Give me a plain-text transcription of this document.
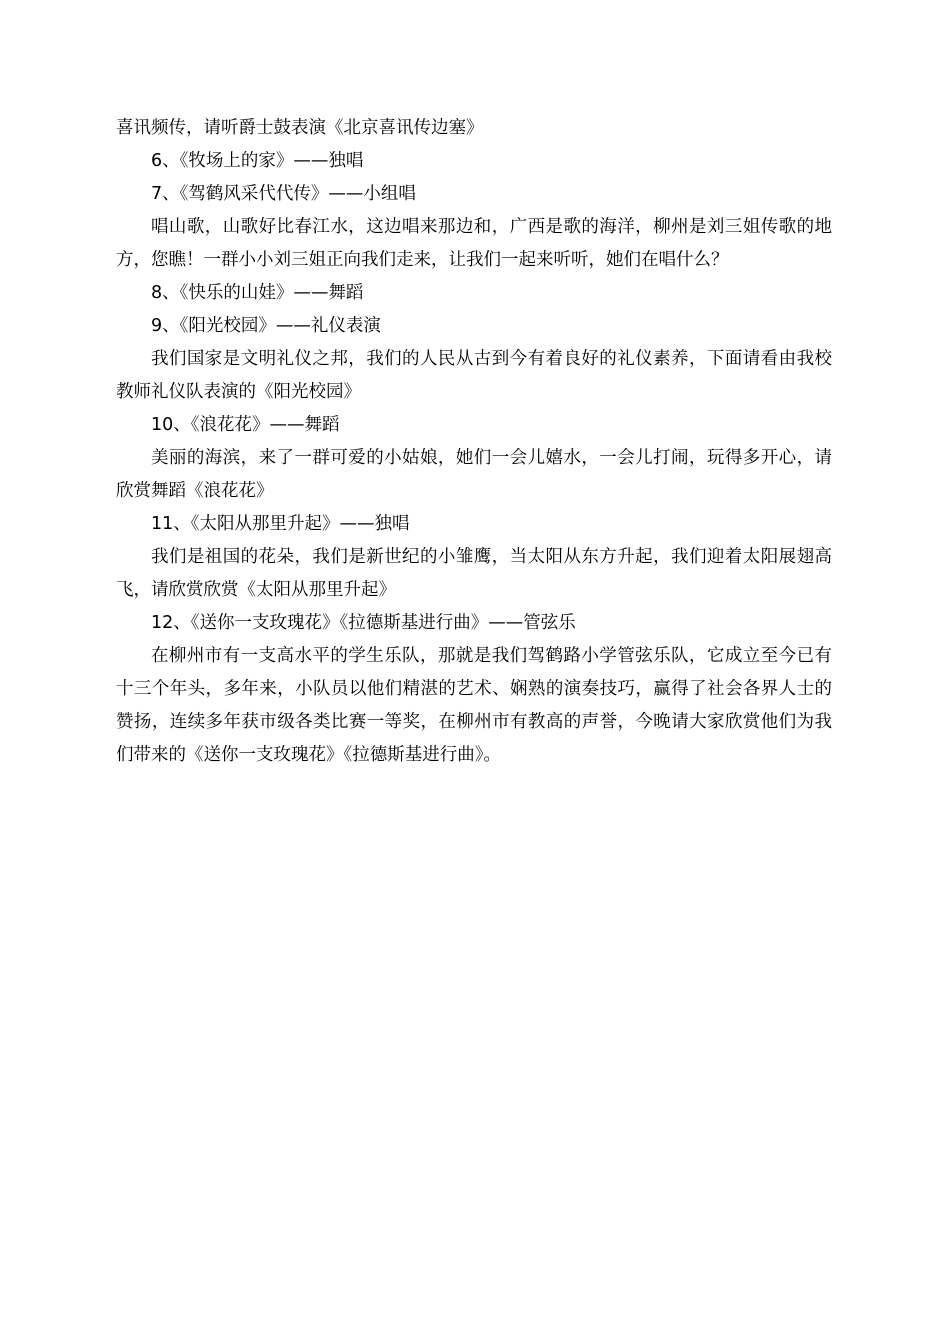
喜讯频传，请听爵士鼓表演《北京喜讯传边塞》

6、《牧场上的家》——独唱

7、《驾鹤风采代代传》——小组唱

唱山歌，山歌好比春江水，这边唱来那边和，广西是歌的海洋，柳州是刘三姐传歌的地方，您瞧！一群小小刘三姐正向我们走来，让我们一起来听听，她们在唱什么？

8、《快乐的山娃》——舞蹈

9、《阳光校园》——礼仪表演

我们国家是文明礼仪之邦，我们的人民从古到今有着良好的礼仪素养，下面请看由我校教师礼仪队表演的《阳光校园》

10、《浪花花》——舞蹈

美丽的海滨，来了一群可爱的小姑娘，她们一会儿嬉水，一会儿打闹，玩得多开心，请欣赏舞蹈《浪花花》

11、《太阳从那里升起》——独唱

我们是祖国的花朵，我们是新世纪的小雏鹰，当太阳从东方升起，我们迎着太阳展翅高飞，请欣赏欣赏《太阳从那里升起》

12、《送你一支玫瑰花》《拉德斯基进行曲》——管弦乐

在柳州市有一支高水平的学生乐队，那就是我们驾鹤路小学管弦乐队，它成立至今已有十三个年头，多年来，小队员以他们精湛的艺术、娴熟的演奏技巧，赢得了社会各界人士的赞扬，连续多年获市级各类比赛一等奖，在柳州市有教高的声誉，今晚请大家欣赏他们为我们带来的《送你一支玫瑰花》《拉德斯基进行曲》。
